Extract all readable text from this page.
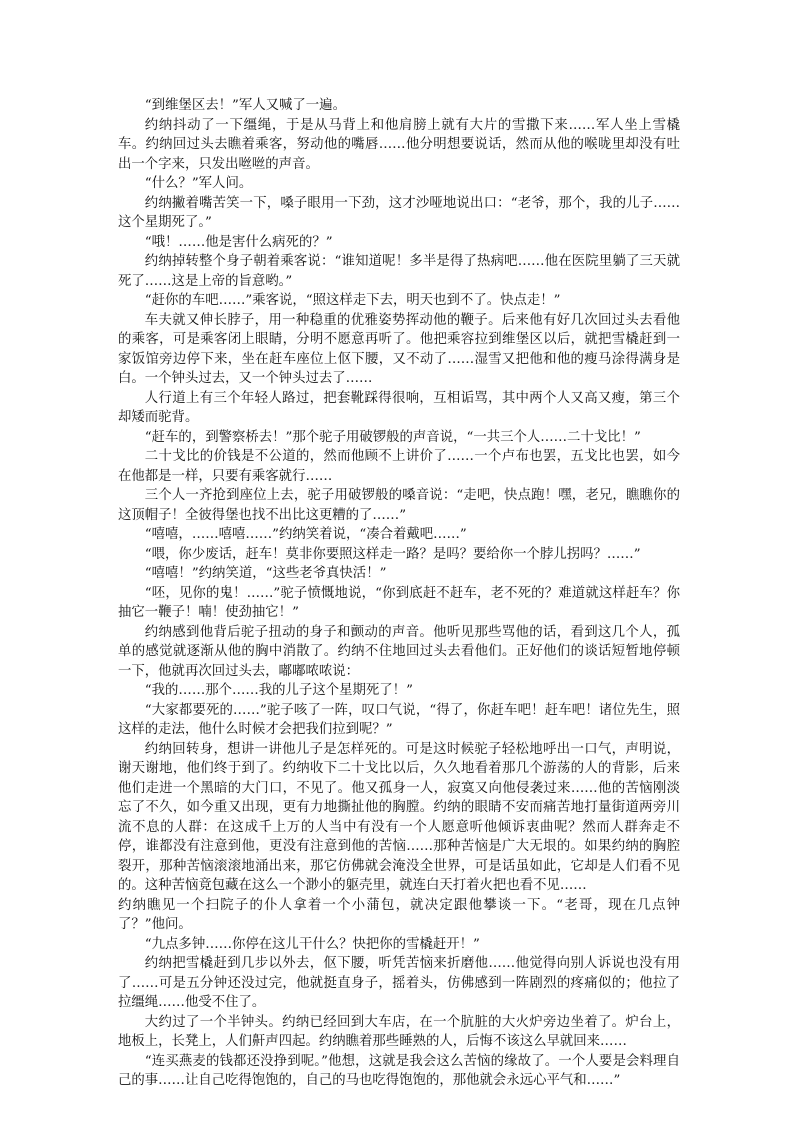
“到维堡区去！”军人又喊了一遍。

约纳抖动了一下缰绳，于是从马背上和他肩膀上就有大片的雪撒下来……军人坐上雪橇车。约纳回过头去瞧着乘客，努动他的嘴唇……他分明想要说话，然而从他的喉咙里却没有吐出一个字来，只发出咝咝的声音。

“什么？”军人问。

约纳撇着嘴苦笑一下，嗓子眼用一下劲，这才沙哑地说出口：“老爷，那个，我的儿子……这个星期死了。”

“哦！……他是害什么病死的？”

约纳掉转整个身子朝着乘客说：“谁知道呢！多半是得了热病吧……他在医院里躺了三天就死了……这是上帝的旨意哟。”

“赶你的车吧……”乘客说，“照这样走下去，明天也到不了。快点走！”

车夫就又伸长脖子，用一种稳重的优雅姿势挥动他的鞭子。后来他有好几次回过头去看他的乘客，可是乘客闭上眼睛，分明不愿意再听了。他把乘容拉到维堡区以后，就把雪橇赶到一家饭馆旁边停下来，坐在赶车座位上伛下腰，又不动了……湿雪又把他和他的瘦马涂得满身是白。一个钟头过去，又一个钟头过去了……

人行道上有三个年轻人路过，把套靴踩得很响，互相诟骂，其中两个人又高又瘦，第三个却矮而驼背。

“赶车的，到警察桥去！”那个驼子用破锣般的声音说，“一共三个人……二十戈比！”

二十戈比的价钱是不公道的，然而他顾不上讲价了……一个卢布也罢，五戈比也罢，如今在他都是一样，只要有乘客就行……

三个人一齐抢到座位上去，驼子用破锣般的嗓音说：“走吧，快点跑！嘿，老兄，瞧瞧你的这顶帽子！全彼得堡也找不出比这更糟的了……”

“嘻嘻，……嘻嘻……”约纳笑着说，“凑合着戴吧……”

“喂，你少废话，赶车！莫非你要照这样走一路？是吗？要给你一个脖儿拐吗？……”

“嘻嘻！”约纳笑道，“这些老爷真快活！”

“呸，见你的鬼！……”驼子愤慨地说，“你到底赶不赶车，老不死的？难道就这样赶车？你抽它一鞭子！喃！使劲抽它！”

约纳感到他背后驼子扭动的身子和颤动的声音。他听见那些骂他的话，看到这几个人，孤单的感觉就逐渐从他的胸中消散了。约纳不住地回过头去看他们。正好他们的谈话短暂地停顿一下，他就再次回过头去，嘟嘟哝哝说：

“我的……那个……我的儿子这个星期死了！”

“大家都要死的……”驼子咳了一阵，叹口气说，“得了，你赶车吧！赶车吧！诸位先生，照这样的走法，他什么时候才会把我们拉到呢？”

约纳回转身，想讲一讲他儿子是怎样死的。可是这时候驼子轻松地呼出一口气，声明说，谢天谢地，他们终于到了。约纳收下二十戈比以后，久久地看着那几个游荡的人的背影，后来他们走进一个黑暗的大门口，不见了。他又孤身一人，寂寞又向他侵袭过来……他的苦恼刚淡忘了不久，如今重又出现，更有力地撕扯他的胸膛。约纳的眼睛不安而痛苦地打量街道两旁川流不息的人群：在这成千上万的人当中有没有一个人愿意听他倾诉衷曲呢？然而人群奔走不停，谁都没有注意到他，更没有注意到他的苦恼……那种苦恼是广大无垠的。如果约纳的胸腔裂开，那种苦恼滚滚地涌出来，那它仿佛就会淹没全世界，可是话虽如此，它却是人们看不见的。这种苦恼竟包藏在这么一个渺小的躯壳里，就连白天打着火把也看不见……

约纳瞧见一个扫院子的仆人拿着一个小蒲包，就决定跟他攀谈一下。“老哥，现在几点钟了？”他问。

“九点多钟……你停在这儿干什么？快把你的雪橇赶开！”

约纳把雪橇赶到几步以外去，伛下腰，听凭苦恼来折磨他……他觉得向别人诉说也没有用了……可是五分钟还没过完，他就挺直身子，摇着头，仿佛感到一阵剧烈的疼痛似的；他拉了拉缰绳……他受不住了。

大约过了一个半钟头。约纳已经回到大车店，在一个肮脏的大火炉旁边坐着了。炉台上，地板上，长凳上，人们鼾声四起。约纳瞧着那些睡熟的人，后悔不该这么早就回来……

“连买燕麦的钱都还没挣到呢。”他想，这就是我会这么苦恼的缘故了。一个人要是会料理自己的事……让自己吃得饱饱的，自己的马也吃得饱饱的，那他就会永远心平气和……”
